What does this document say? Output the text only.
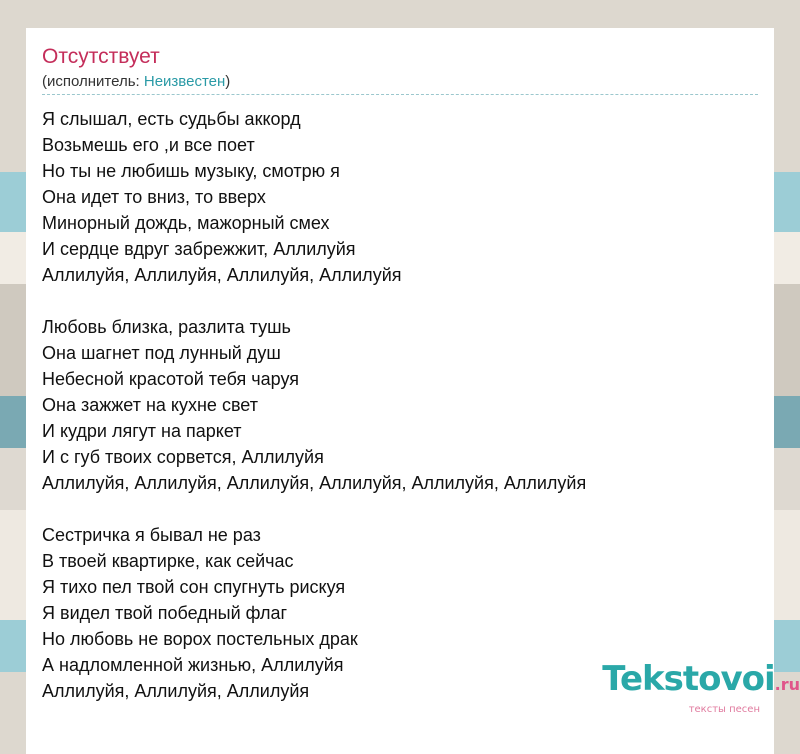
Отсутствует
(исполнитель: Неизвестен)
Я слышал, есть судьбы аккорд
Возьмешь его ,и все поет
Но ты не любишь музыку, смотрю я
Она идет то вниз, то вверх
Минорный дождь, мажорный смех
И сердце вдруг забрежжит, Аллилуйя
Аллилуйя, Аллилуйя, Аллилуйя, Аллилуйя
Любовь близка, разлита тушь
Она шагнет под лунный душ
Небесной красотой тебя чаруя
Она зажжет на кухне свет
И кудри лягут на паркет
И с губ твоих сорвется, Аллилуйя
Аллилуйя, Аллилуйя, Аллилуйя, Аллилуйя, Аллилуйя, Аллилуйя
Сестричка я бывал не раз
В твоей квартирке, как сейчас
Я тихо пел твой сон спугнуть рискуя
Я видел твой победный флаг
Но любовь не ворох постельных драк
А надломленной жизнью, Аллилуйя
Аллилуйя, Аллилуйя, Аллилуйя	Tekstovoi.ru
тексты песен
